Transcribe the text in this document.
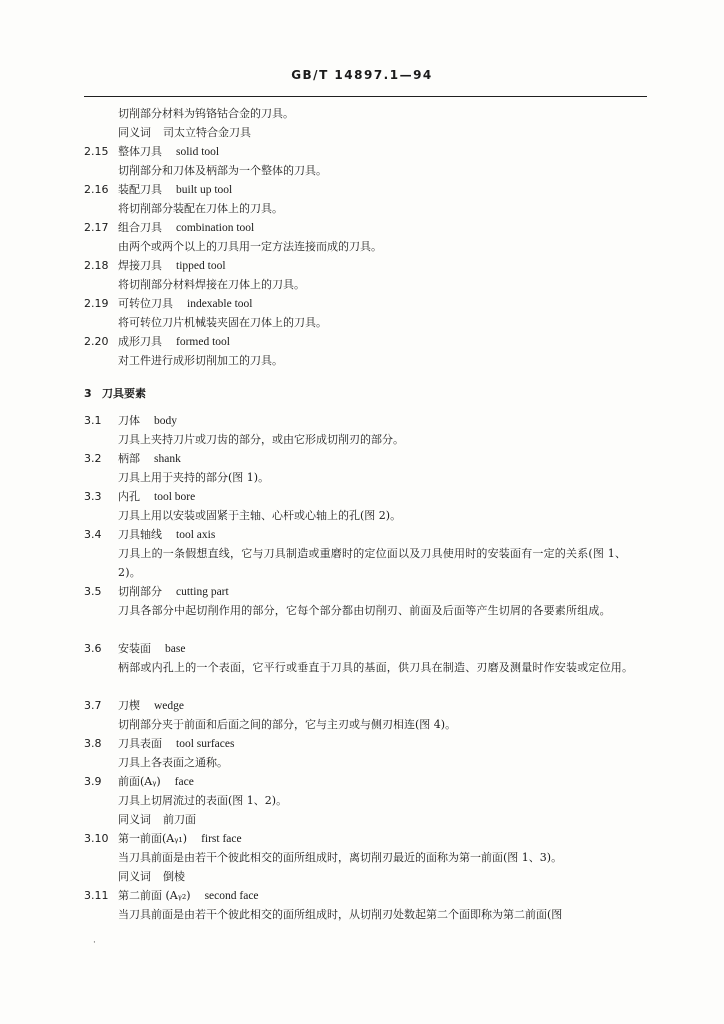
GB/T 14897.1—94
切削部分材料为钨铬钴合金的刀具。
同义词 司太立特合金刀具
2.15 整体刀具 solid tool
切削部分和刀体及柄部为一个整体的刀具。
2.16 装配刀具 built up tool
将切削部分装配在刀体上的刀具。
2.17 组合刀具 combination tool
由两个或两个以上的刀具用一定方法连接而成的刀具。
2.18 焊接刀具 tipped tool
将切削部分材料焊接在刀体上的刀具。
2.19 可转位刀具 indexable tool
将可转位刀片机械装夹固在刀体上的刀具。
2.20 成形刀具 formed tool
对工件进行成形切削加工的刀具。
3 刀具要素
3.1 刀体 body
刀具上夹持刀片或刀齿的部分，或由它形成切削刃的部分。
3.2 柄部 shank
刀具上用于夹持的部分(图 1)。
3.3 内孔 tool bore
刀具上用以安装或固紧于主轴、心杆或心轴上的孔(图 2)。
3.4 刀具轴线 tool axis
刀具上的一条假想直线，它与刀具制造或重磨时的定位面以及刀具使用时的安装面有一定的关系(图 1、2)。
3.5 切削部分 cutting part
刀具各部分中起切削作用的部分，它每个部分都由切削刃、前面及后面等产生切屑的各要素所组成。
3.6 安装面 base
柄部或内孔上的一个表面，它平行或垂直于刀具的基面，供刀具在制造、刃磨及测量时作安装或定位用。
3.7 刀楔 wedge
切削部分夹于前面和后面之间的部分，它与主刃或与侧刃相连(图 4)。
3.8 刀具表面 tool surfaces
刀具上各表面之通称。
3.9 前面(Aᵧ) face
刀具上切屑流过的表面(图 1、2)。
同义词 前刀面
3.10 第一前面(Aᵧ₁) first face
当刀具前面是由若干个彼此相交的面所组成时，离切削刃最近的面称为第一前面(图 1、3)。
同义词 倒棱
3.11 第二前面 (Aᵧ₂) second face
当刀具前面是由若干个彼此相交的面所组成时，从切削刃处数起第二个面即称为第二前面(图
·
